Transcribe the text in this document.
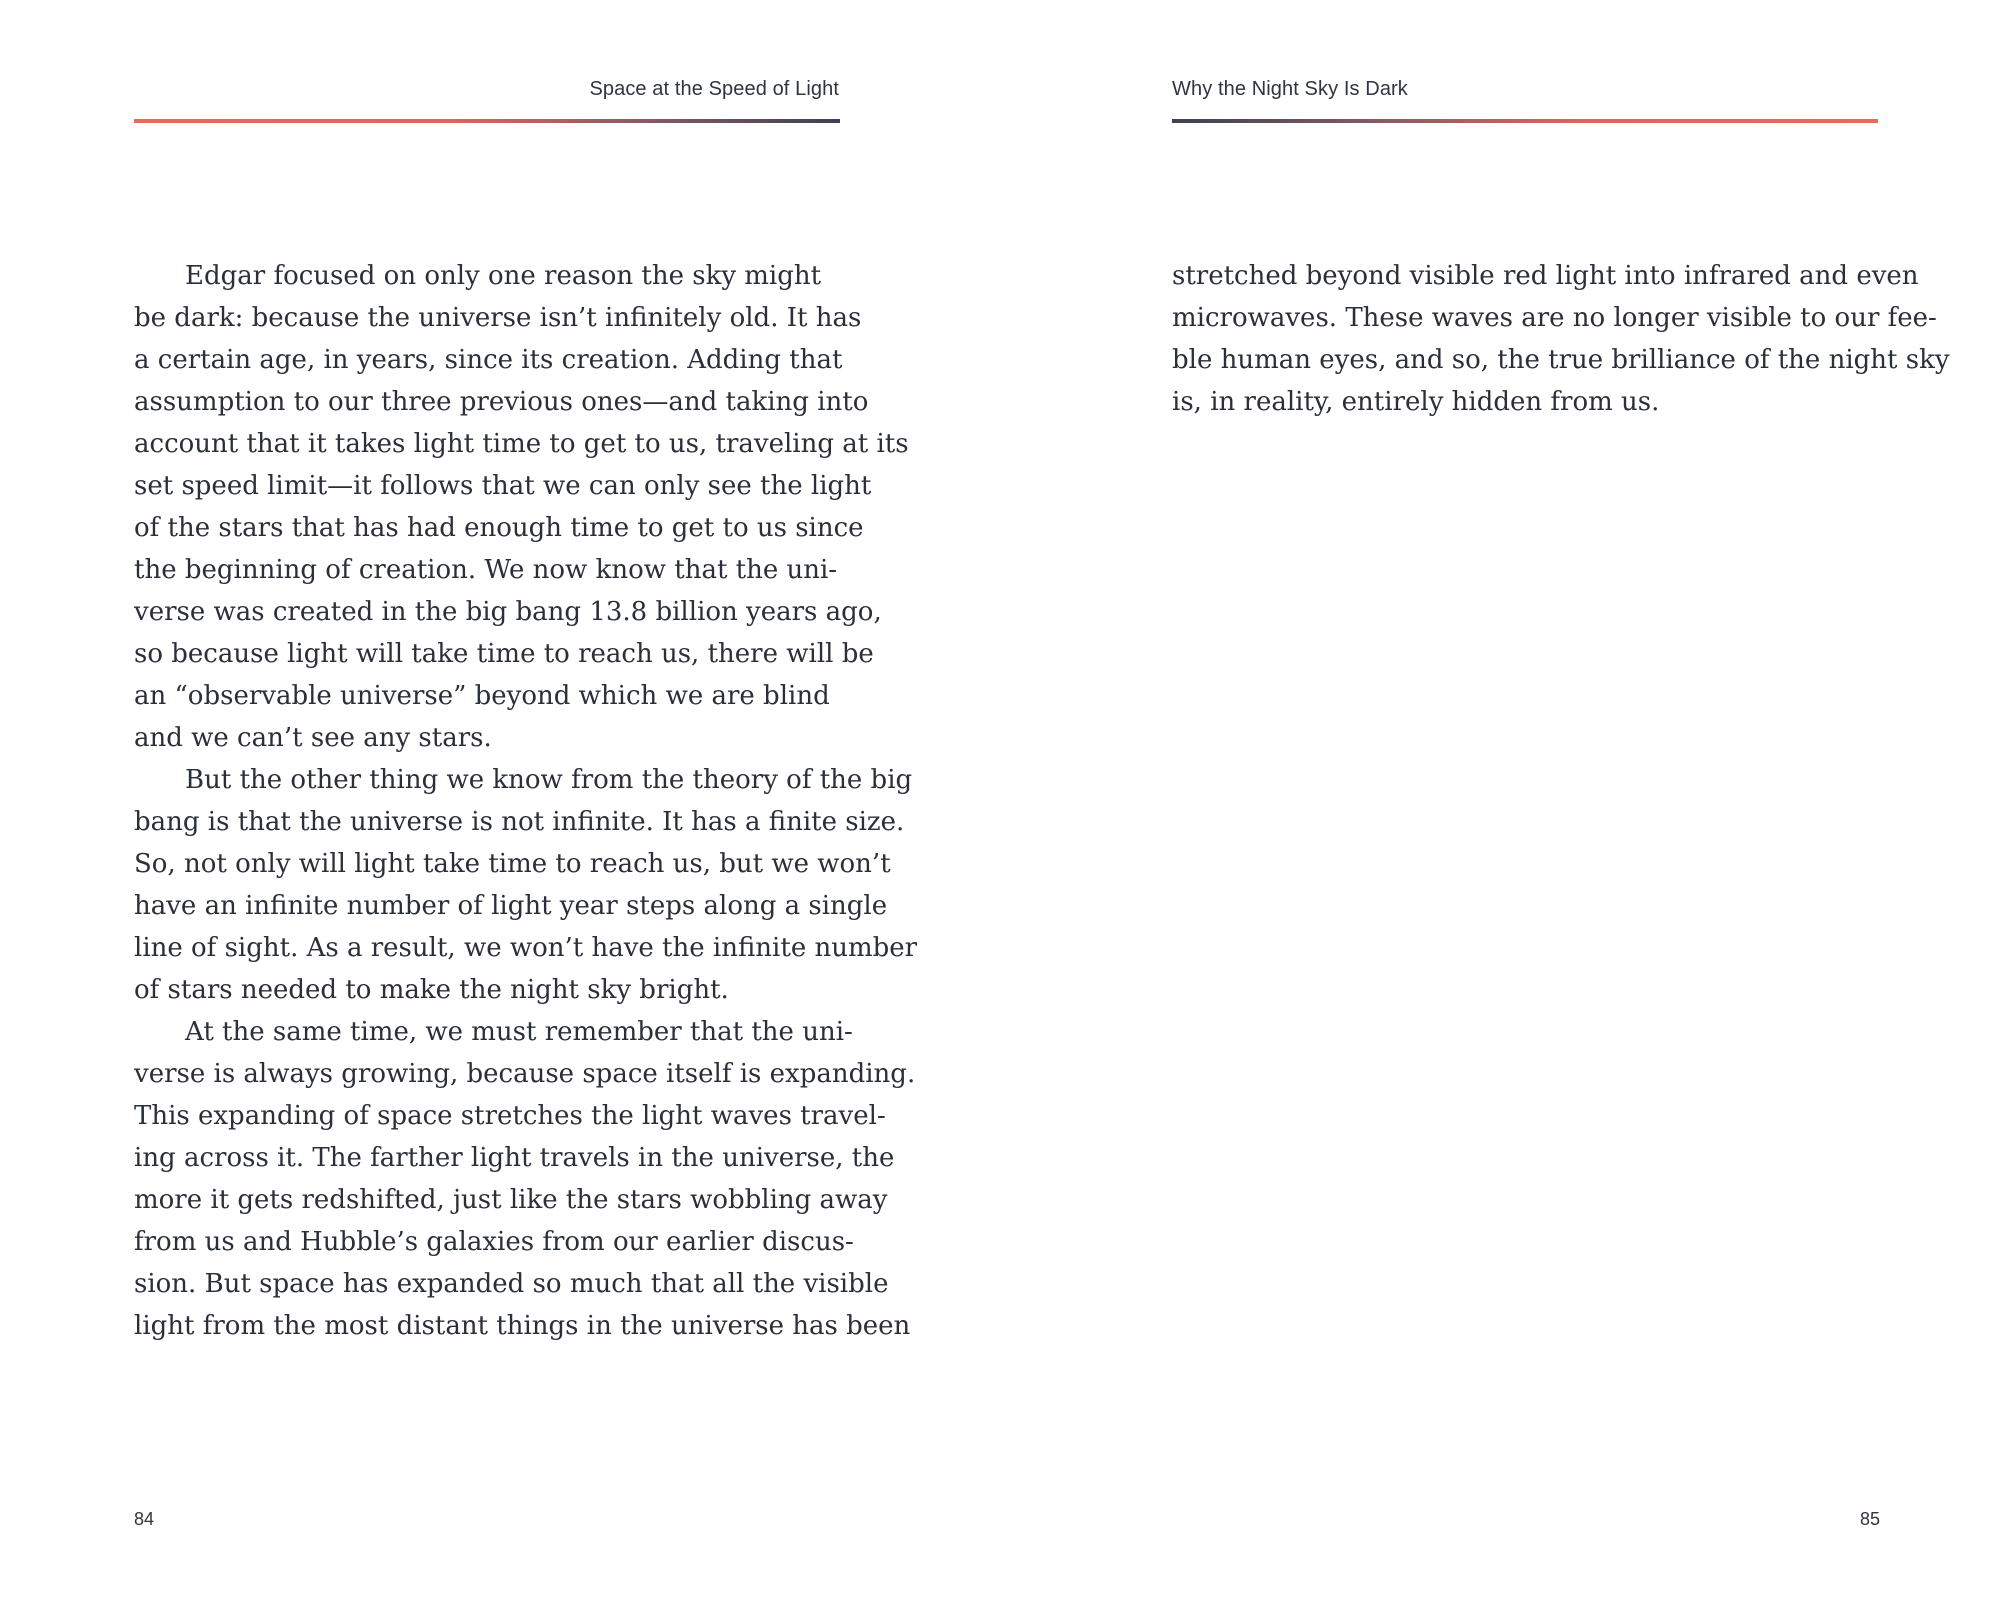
Space at the Speed of Light
Edgar focused on only one reason the sky might
be dark: because the universe isn’t infinitely old. It has
a certain age, in years, since its creation. Adding that
assumption to our three previous ones—and taking into
account that it takes light time to get to us, traveling at its
set speed limit—it follows that we can only see the light
of the stars that has had enough time to get to us since
the beginning of creation. We now know that the uni-
verse was created in the big bang 13.8 billion years ago,
so because light will take time to reach us, there will be
an “observable universe” beyond which we are blind
and we can’t see any stars.
But the other thing we know from the theory of the big
bang is that the universe is not infinite. It has a finite size.
So, not only will light take time to reach us, but we won’t
have an infinite number of light year steps along a single
line of sight. As a result, we won’t have the infinite number
of stars needed to make the night sky bright.
At the same time, we must remember that the uni-
verse is always growing, because space itself is expanding.
This expanding of space stretches the light waves travel-
ing across it. The farther light travels in the universe, the
more it gets redshifted, just like the stars wobbling away
from us and Hubble’s galaxies from our earlier discus-
sion. But space has expanded so much that all the visible
light from the most distant things in the universe has been
84
Why the Night Sky Is Dark
stretched beyond visible red light into infrared and even
microwaves. These waves are no longer visible to our fee-
ble human eyes, and so, the true brilliance of the night sky
is, in reality, entirely hidden from us.
85
